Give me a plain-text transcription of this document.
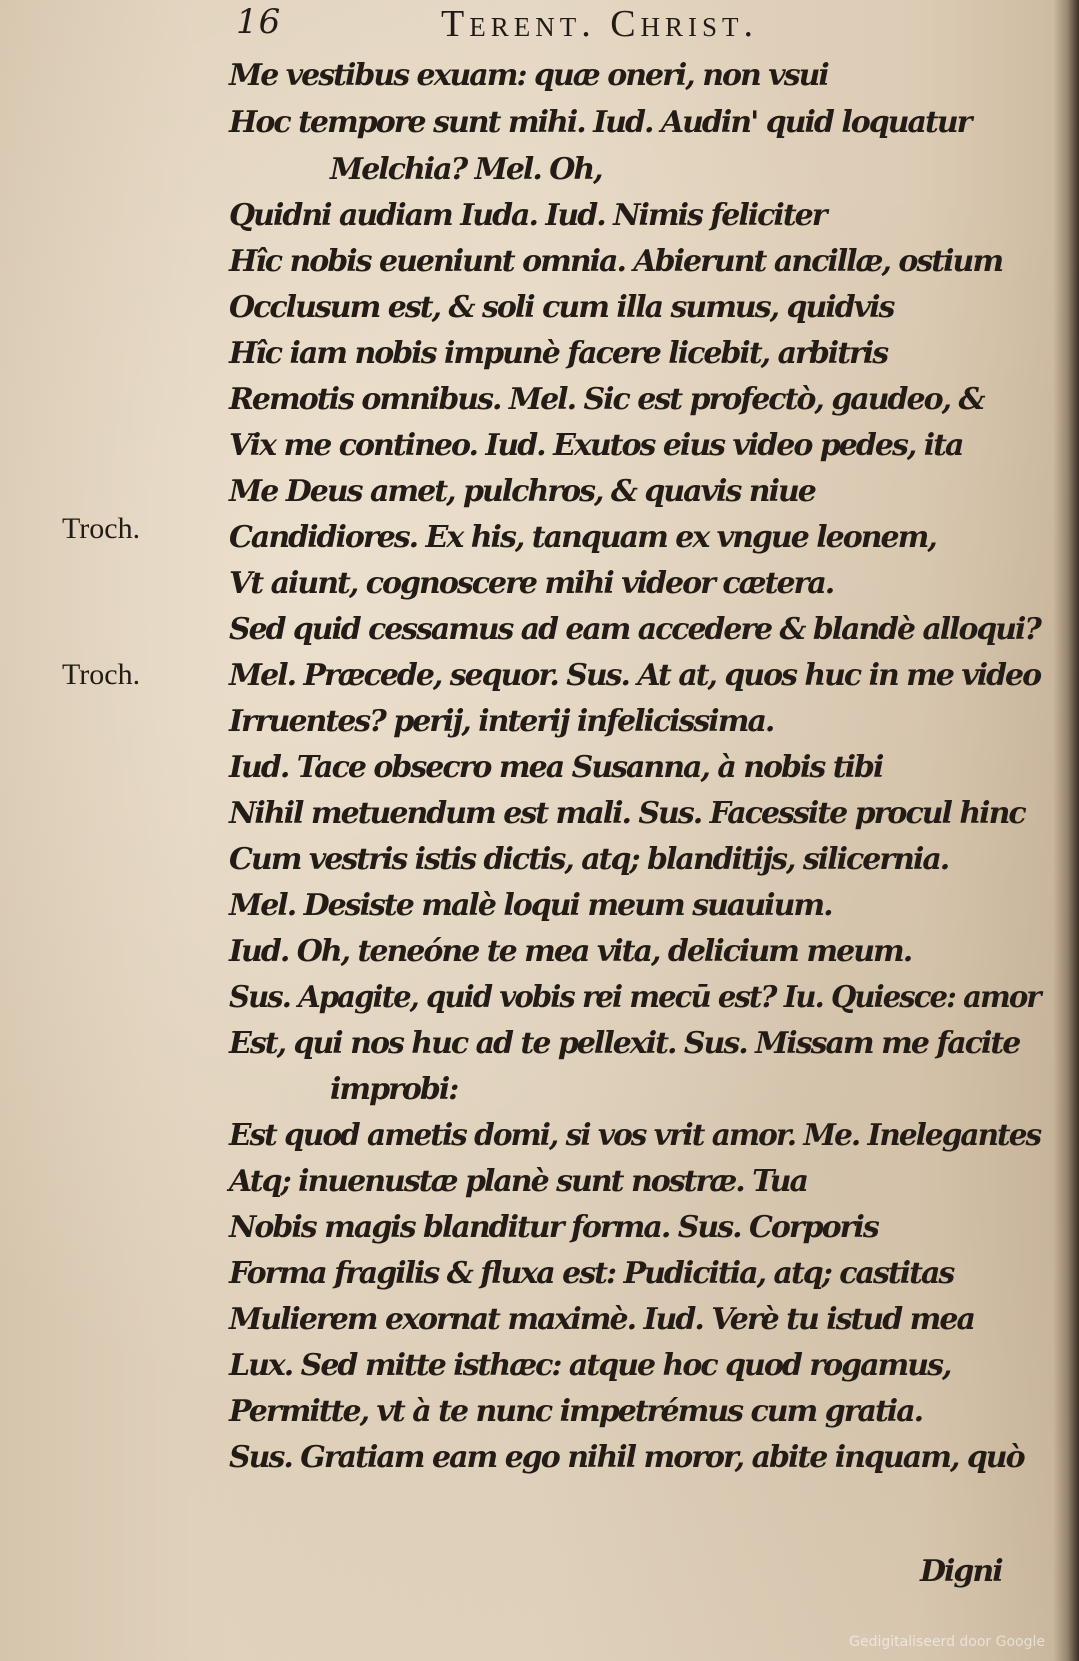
16	Terent. Christ.
Troch.
Troch.
Me vestibus exuam: quæ oneri, non vsui
Hoc tempore sunt mihi. Iud. Audin' quid loquatur
Melchia? Mel. Oh,
Quidni audiam Iuda. Iud. Nimis feliciter
Hîc nobis eueniunt omnia. Abierunt ancillæ, ostium
Occlusum est, & soli cum illa sumus, quidvis
Hîc iam nobis impunè facere licebit, arbitris
Remotis omnibus. Mel. Sic est profectò, gaudeo, &
Vix me contineo. Iud. Exutos eius video pedes, ita
Me Deus amet, pulchros, & quavis niue
Candidiores. Ex his, tanquam ex vngue leonem,
Vt aiunt, cognoscere mihi videor cætera.
Sed quid cessamus ad eam accedere & blandè alloqui?
Mel. Præcede, sequor. Sus. At at, quos huc in me video
Irruentes? perij, interij infelicissima.
Iud. Tace obsecro mea Susanna, à nobis tibi
Nihil metuendum est mali. Sus. Facessite procul hinc
Cum vestris istis dictis, atq; blanditijs, silicernia.
Mel. Desiste malè loqui meum suauium.
Iud. Oh, teneóne te mea vita, delicium meum.
Sus. Apagite, quid vobis rei mecū est? Iu. Quiesce: amor
Est, qui nos huc ad te pellexit. Sus. Missam me facite
improbi:
Est quod ametis domi, si vos vrit amor. Me. Inelegantes
Atq; inuenustæ planè sunt nostræ. Tua
Nobis magis blanditur forma. Sus. Corporis
Forma fragilis & fluxa est: Pudicitia, atq; castitas
Mulierem exornat maximè. Iud. Verè tu istud mea
Lux. Sed mitte isthæc: atque hoc quod rogamus,
Permitte, vt à te nunc impetrémus cum gratia.
Sus. Gratiam eam ego nihil moror, abite inquam, quò
Digni
Gedigitaliseerd door Google
